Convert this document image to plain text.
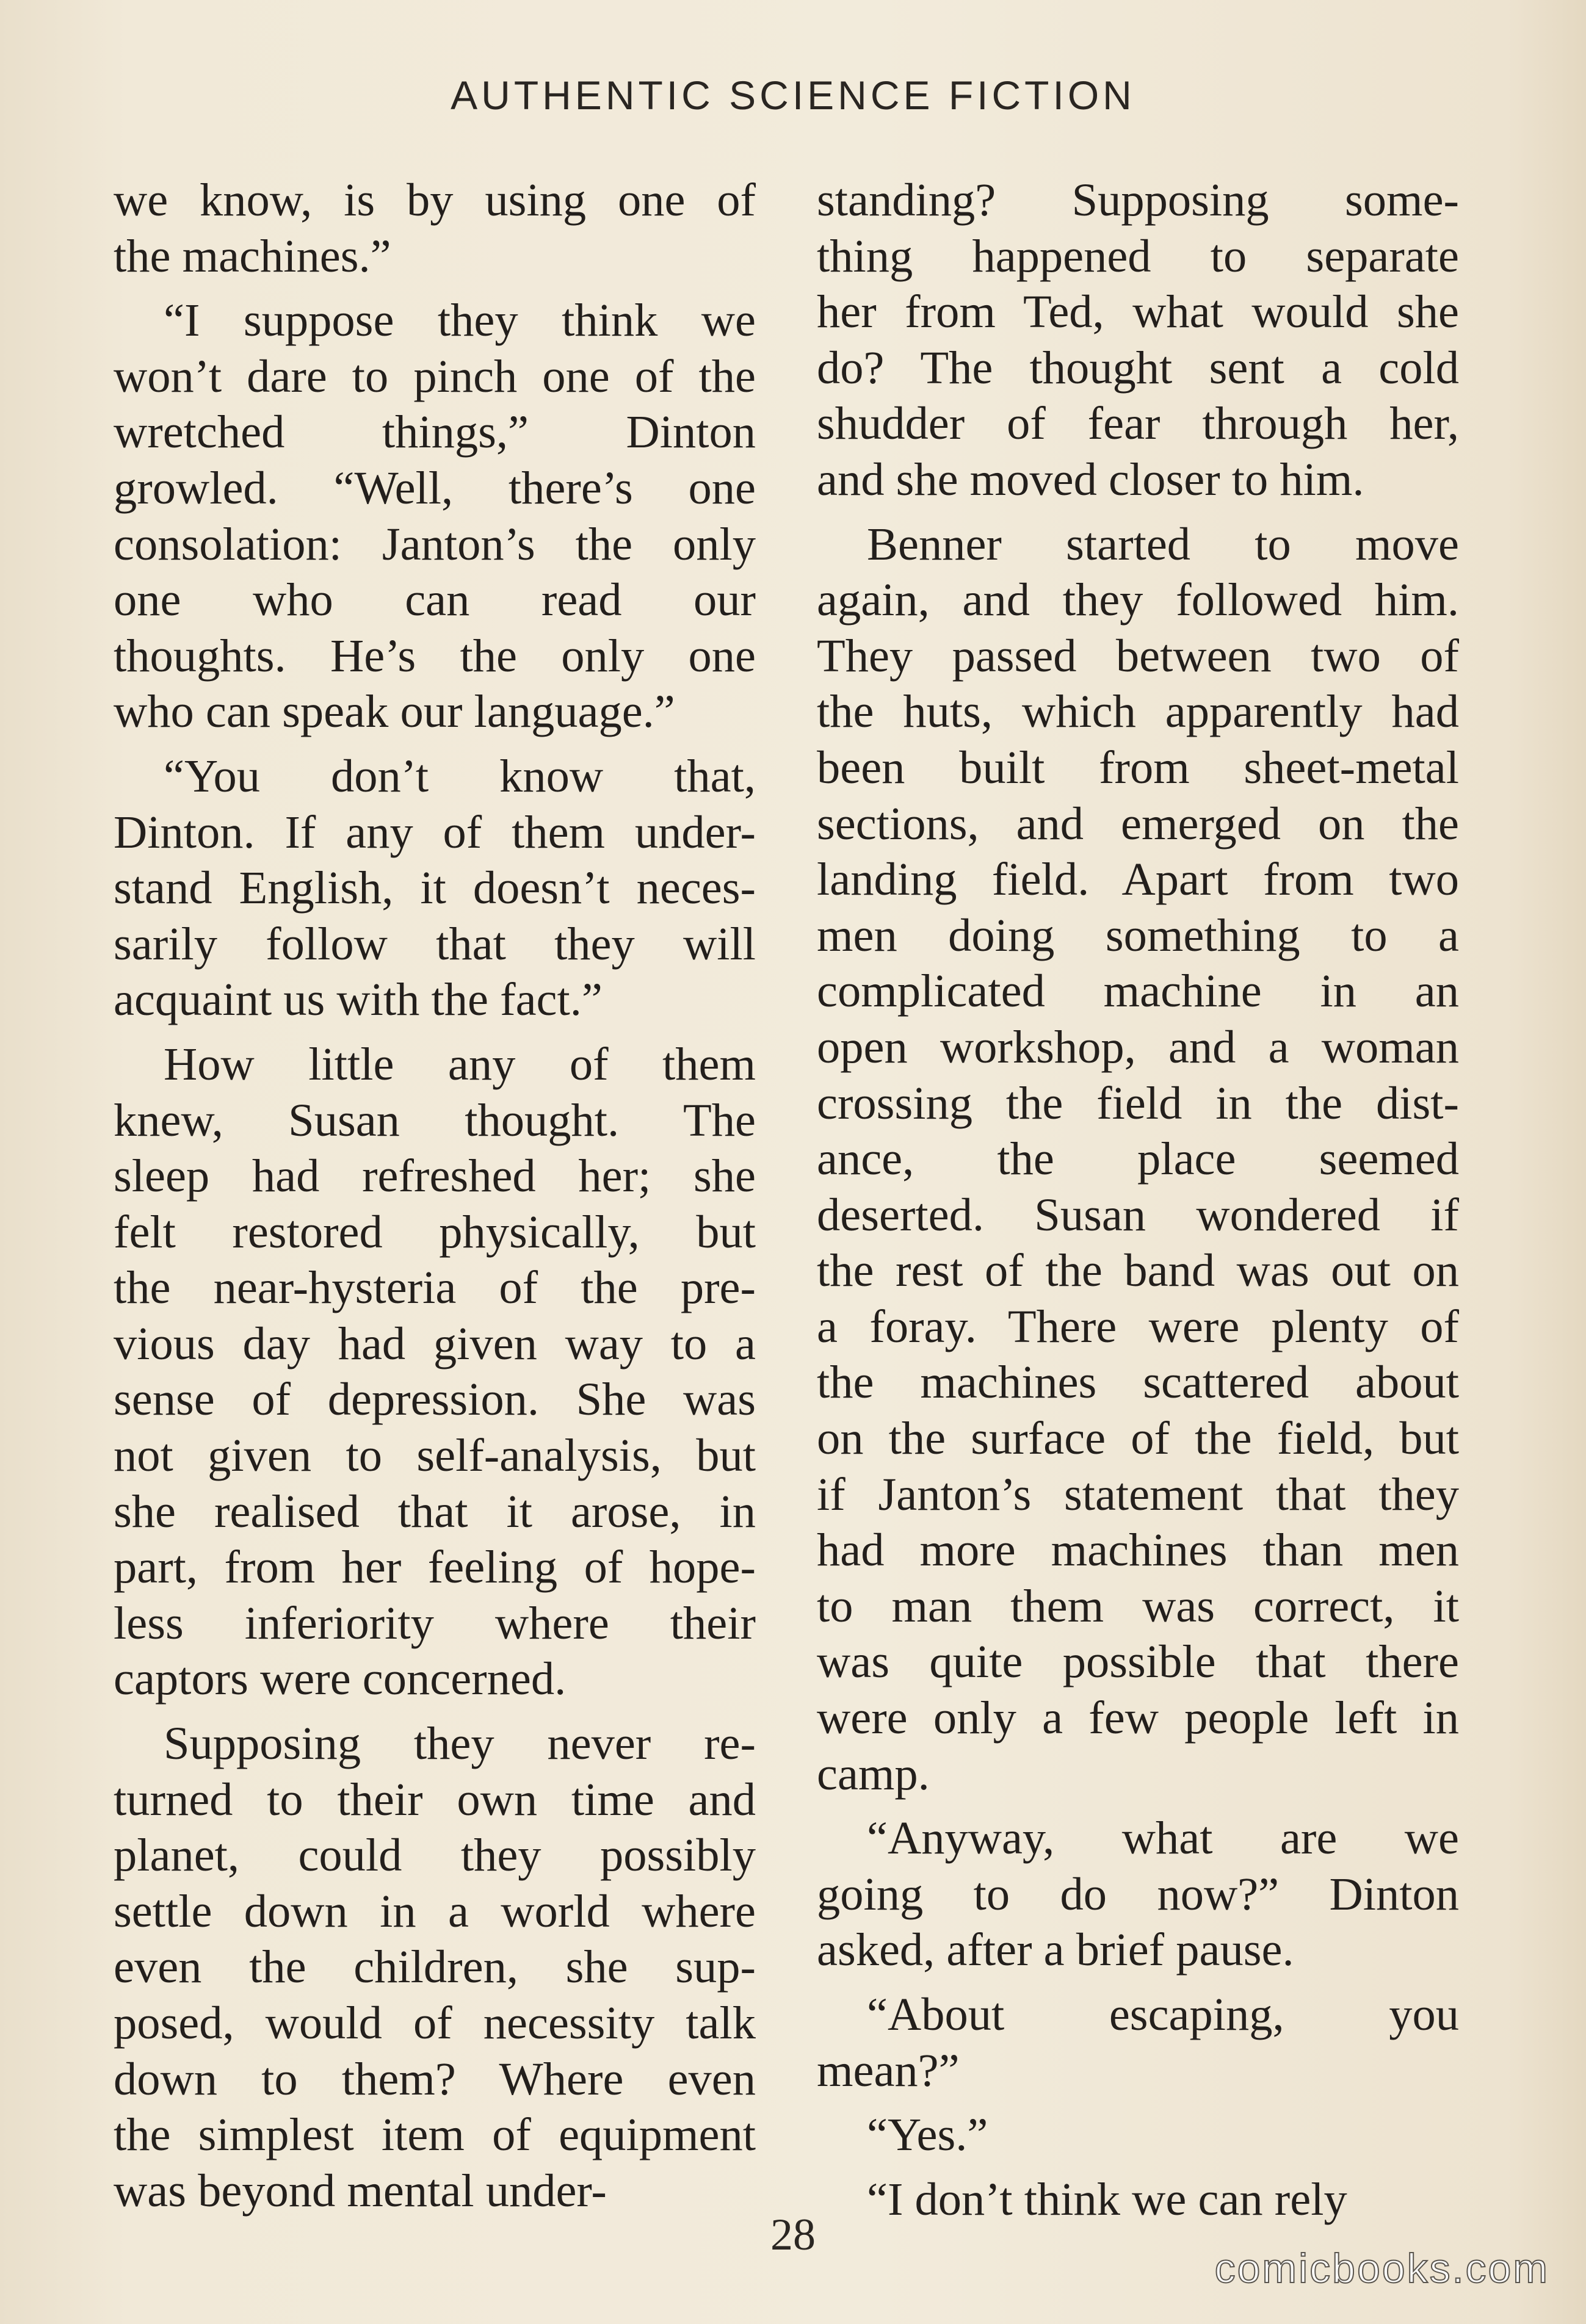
AUTHENTIC SCIENCE FICTION
we know, is by using one of
the machines.”
“I suppose they think we
won’t dare to pinch one of the
wretched things,” Dinton
growled. “Well, there’s one
consolation: Janton’s the only
one who can read our
thoughts. He’s the only one
who can speak our language.”
“You don’t know that,
Dinton. If any of them under-
stand English, it doesn’t neces-
sarily follow that they will
acquaint us with the fact.”
How little any of them
knew, Susan thought. The
sleep had refreshed her; she
felt restored physically, but
the near-hysteria of the pre-
vious day had given way to a
sense of depression. She was
not given to self-analysis, but
she realised that it arose, in
part, from her feeling of hope-
less inferiority where their
captors were concerned.
Supposing they never re-
turned to their own time and
planet, could they possibly
settle down in a world where
even the children, she sup-
posed, would of necessity talk
down to them? Where even
the simplest item of equipment
was beyond mental under-
standing? Supposing some-
thing happened to separate
her from Ted, what would she
do? The thought sent a cold
shudder of fear through her,
and she moved closer to him.
Benner started to move
again, and they followed him.
They passed between two of
the huts, which apparently had
been built from sheet-metal
sections, and emerged on the
landing field. Apart from two
men doing something to a
complicated machine in an
open workshop, and a woman
crossing the field in the dist-
ance, the place seemed
deserted. Susan wondered if
the rest of the band was out on
a foray. There were plenty of
the machines scattered about
on the surface of the field, but
if Janton’s statement that they
had more machines than men
to man them was correct, it
was quite possible that there
were only a few people left in
camp.
“Anyway, what are we
going to do now?” Dinton
asked, after a brief pause.
“About escaping, you
mean?”
“Yes.”
“I don’t think we can rely
28
comicbooks.com
